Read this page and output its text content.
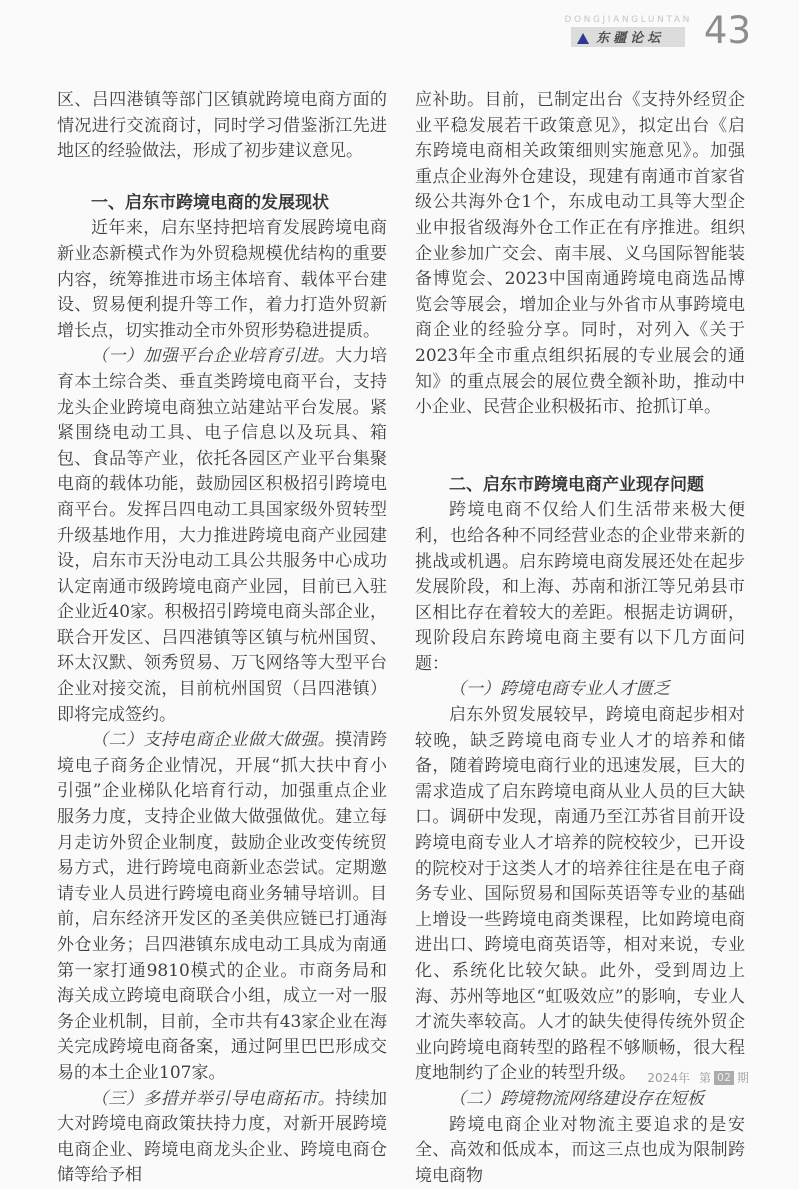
DONGJIANGLUNTAN
东疆论坛 43

区、吕四港镇等部门区镇就跨境电商方面的情况进行交流商讨，同时学习借鉴浙江先进地区的经验做法，形成了初步建议意见。

一、启东市跨境电商的发展现状

近年来，启东坚持把培育发展跨境电商新业态新模式作为外贸稳规模优结构的重要内容，统筹推进市场主体培育、载体平台建设、贸易便利提升等工作，着力打造外贸新增长点，切实推动全市外贸形势稳进提质。

（一）加强平台企业培育引进。大力培育本土综合类、垂直类跨境电商平台，支持龙头企业跨境电商独立站建站平台发展。紧紧围绕电动工具、电子信息以及玩具、箱包、食品等产业，依托各园区产业平台集聚电商的载体功能，鼓励园区积极招引跨境电商平台。发挥吕四电动工具国家级外贸转型升级基地作用，大力推进跨境电商产业园建设，启东市天汾电动工具公共服务中心成功认定南通市级跨境电商产业园，目前已入驻企业近40家。积极招引跨境电商头部企业，联合开发区、吕四港镇等区镇与杭州国贸、环太汉默、领秀贸易、万飞网络等大型平台企业对接交流，目前杭州国贸（吕四港镇）即将完成签约。

（二）支持电商企业做大做强。摸清跨境电子商务企业情况，开展“抓大扶中育小引强”企业梯队化培育行动，加强重点企业服务力度，支持企业做大做强做优。建立每月走访外贸企业制度，鼓励企业改变传统贸易方式，进行跨境电商新业态尝试。定期邀请专业人员进行跨境电商业务辅导培训。目前，启东经济开发区的圣美供应链已打通海外仓业务；吕四港镇东成电动工具成为南通第一家打通9810模式的企业。市商务局和海关成立跨境电商联合小组，成立一对一服务企业机制，目前，全市共有43家企业在海关完成跨境电商备案，通过阿里巴巴形成交易的本土企业107家。

（三）多措并举引导电商拓市。持续加大对跨境电商政策扶持力度，对新开展跨境电商企业、跨境电商龙头企业、跨境电商仓储等给予相

应补助。目前，已制定出台《支持外经贸企业平稳发展若干政策意见》，拟定出台《启东跨境电商相关政策细则实施意见》。加强重点企业海外仓建设，现建有南通市首家省级公共海外仓1个，东成电动工具等大型企业申报省级海外仓工作正在有序推进。组织企业参加广交会、南丰展、义乌国际智能装备博览会、2023中国南通跨境电商选品博览会等展会，增加企业与外省市从事跨境电商企业的经验分享。同时，对列入《关于2023年全市重点组织拓展的专业展会的通知》的重点展会的展位费全额补助，推动中小企业、民营企业积极拓市、抢抓订单。

二、启东市跨境电商产业现存问题

跨境电商不仅给人们生活带来极大便利，也给各种不同经营业态的企业带来新的挑战或机遇。启东跨境电商发展还处在起步发展阶段，和上海、苏南和浙江等兄弟县市区相比存在着较大的差距。根据走访调研，现阶段启东跨境电商主要有以下几方面问题：

（一）跨境电商专业人才匮乏

启东外贸发展较早，跨境电商起步相对较晚，缺乏跨境电商专业人才的培养和储备，随着跨境电商行业的迅速发展，巨大的需求造成了启东跨境电商从业人员的巨大缺口。调研中发现，南通乃至江苏省目前开设跨境电商专业人才培养的院校较少，已开设的院校对于这类人才的培养往往是在电子商务专业、国际贸易和国际英语等专业的基础上增设一些跨境电商类课程，比如跨境电商进出口、跨境电商英语等，相对来说，专业化、系统化比较欠缺。此外，受到周边上海、苏州等地区“虹吸效应”的影响，专业人才流失率较高。人才的缺失使得传统外贸企业向跨境电商转型的路程不够顺畅，很大程度地制约了企业的转型升级。

（二）跨境物流网络建设存在短板

跨境电商企业对物流主要追求的是安全、高效和低成本，而这三点也成为限制跨境电商物

2024年 第 02 期
